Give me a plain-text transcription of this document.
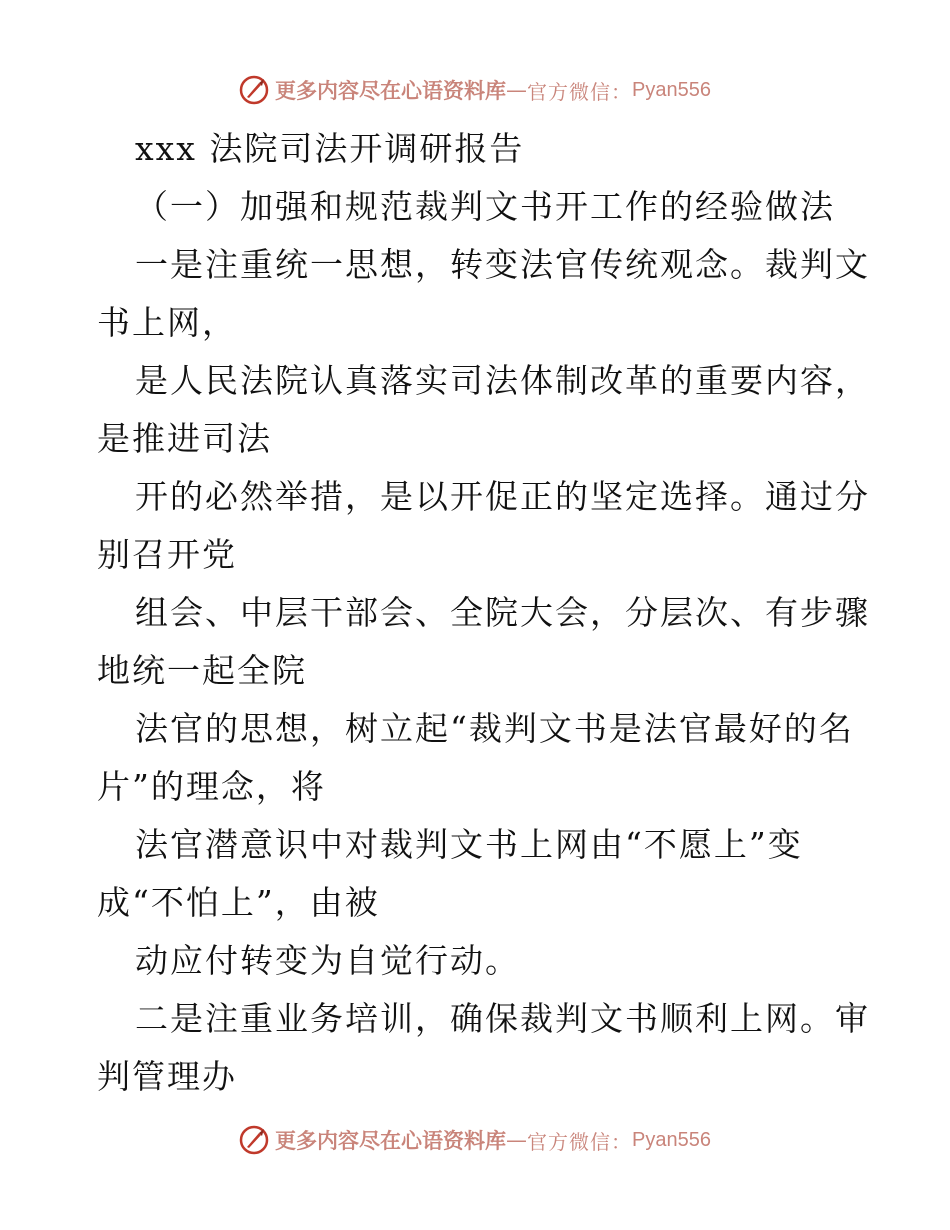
更多内容尽在心语资料库 — 官方微信： Pyan556
xxx 法院司法开调研报告
（一）加强和规范裁判文书开工作的经验做法
一是注重统一思想，转变法官传统观念。裁判文
书上网，
是人民法院认真落实司法体制改革的重要内容，
是推进司法
开的必然举措，是以开促正的坚定选择。通过分
别召开党
组会、中层干部会、全院大会，分层次、有步骤
地统一起全院
法官的思想，树立起“裁判文书是法官最好的名
片”的理念，将
法官潜意识中对裁判文书上网由“不愿上”变
成“不怕上”，由被
动应付转变为自觉行动。
二是注重业务培训，确保裁判文书顺利上网。审
判管理办
更多内容尽在心语资料库 — 官方微信： Pyan556
